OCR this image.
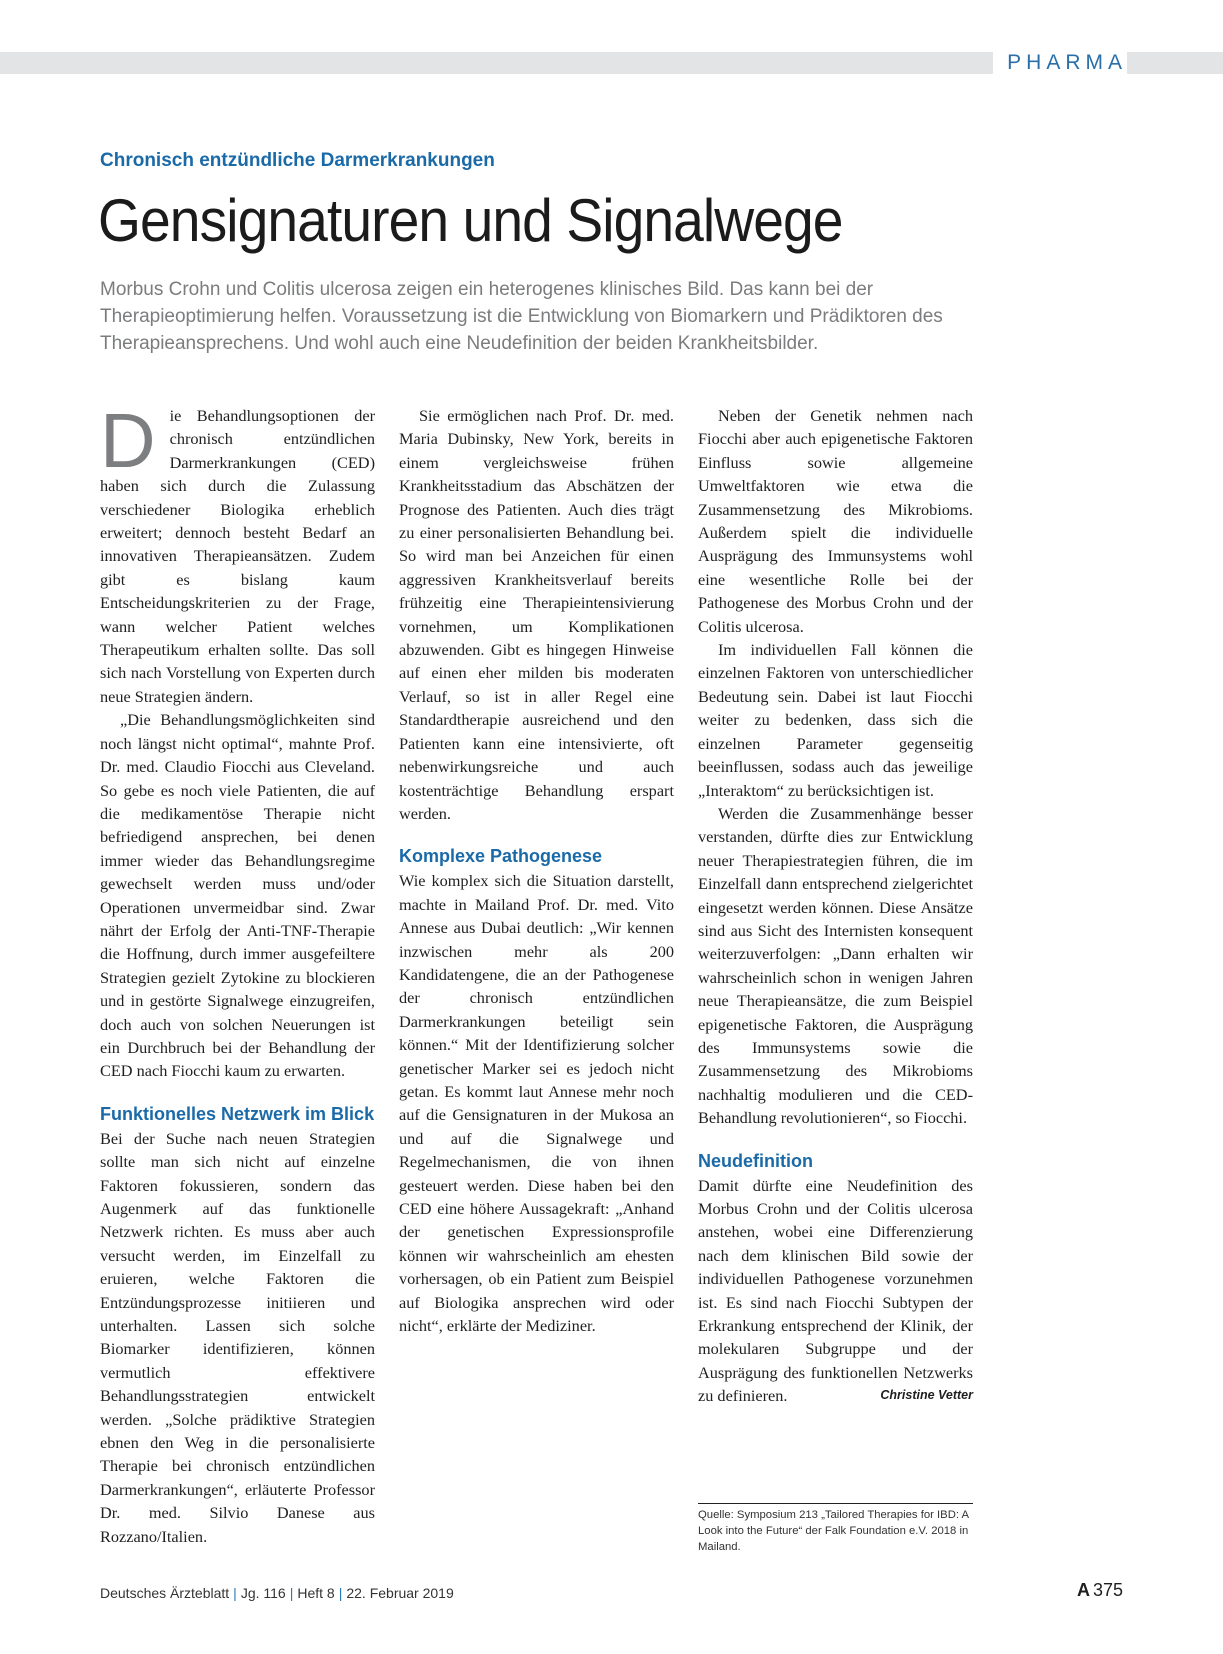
PHARMA
Chronisch entzündliche Darmerkrankungen
Gensignaturen und Signalwege

Morbus Crohn und Colitis ulcerosa zeigen ein heterogenes klinisches Bild. Das kann bei der Therapieoptimierung helfen. Voraussetzung ist die Entwicklung von Biomarkern und Prädiktoren des Therapieansprechens. Und wohl auch eine Neudefinition der beiden Krankheitsbilder.

D ie Behandlungsoptionen der chronisch entzündlichen Darmerkrankungen (CED) haben sich durch die Zulassung verschiedener Biologika erheblich erweitert; dennoch besteht Bedarf an innovativen Therapieansätzen. Zudem gibt es bislang kaum Entscheidungskriterien zu der Frage, wann welcher Patient welches Therapeutikum erhalten sollte. Das soll sich nach Vorstellung von Experten durch neue Strategien ändern.

„Die Behandlungsmöglichkeiten sind noch längst nicht optimal“, mahnte Prof. Dr. med. Claudio Fiocchi aus Cleveland. So gebe es noch viele Patienten, die auf die medikamentöse Therapie nicht befriedigend ansprechen, bei denen immer wieder das Behandlungsregime gewechselt werden muss und/oder Operationen unvermeidbar sind. Zwar nährt der Erfolg der Anti-TNF-Therapie die Hoffnung, durch immer ausgefeiltere Strategien gezielt Zytokine zu blockieren und in gestörte Signalwege einzugreifen, doch auch von solchen Neuerungen ist ein Durchbruch bei der Behandlung der CED nach Fiocchi kaum zu erwarten.

Funktionelles Netzwerk im Blick

Bei der Suche nach neuen Strategien sollte man sich nicht auf einzelne Faktoren fokussieren, sondern das Augenmerk auf das funktionelle Netzwerk richten. Es muss aber auch versucht werden, im Einzelfall zu eruieren, welche Faktoren die Entzündungsprozesse initiieren und unterhalten. Lassen sich solche Biomarker identifizieren, können vermutlich effektivere Behandlungsstrategien entwickelt werden. „Solche prädiktive Strategien ebnen den Weg in die personalisierte Therapie bei chronisch entzündlichen Darmerkrankungen“, erläuterte Professor Dr. med. Silvio Danese aus Rozzano/Italien.

Sie ermöglichen nach Prof. Dr. med. Maria Dubinsky, New York, bereits in einem vergleichsweise frühen Krankheitsstadium das Abschätzen der Prognose des Patienten. Auch dies trägt zu einer personalisierten Behandlung bei. So wird man bei Anzeichen für einen aggressiven Krankheitsverlauf bereits frühzeitig eine Therapieintensivierung vornehmen, um Komplikationen abzuwenden. Gibt es hingegen Hinweise auf einen eher milden bis moderaten Verlauf, so ist in aller Regel eine Standardtherapie ausreichend und den Patienten kann eine intensivierte, oft nebenwirkungsreiche und auch kostenträchtige Behandlung erspart werden.

Komplexe Pathogenese

Wie komplex sich die Situation darstellt, machte in Mailand Prof. Dr. med. Vito Annese aus Dubai deutlich: „Wir kennen inzwischen mehr als 200 Kandidatengene, die an der Pathogenese der chronisch entzündlichen Darmerkrankungen beteiligt sein können.“ Mit der Identifizierung solcher genetischer Marker sei es jedoch nicht getan. Es kommt laut Annese mehr noch auf die Gensignaturen in der Mukosa an und auf die Signalwege und Regelmechanismen, die von ihnen gesteuert werden. Diese haben bei den CED eine höhere Aussagekraft: „Anhand der genetischen Expressionsprofile können wir wahrscheinlich am ehesten vorhersagen, ob ein Patient zum Beispiel auf Biologika ansprechen wird oder nicht“, erklärte der Mediziner.

Neben der Genetik nehmen nach Fiocchi aber auch epigenetische Faktoren Einfluss sowie allgemeine Umweltfaktoren wie etwa die Zusammensetzung des Mikrobioms. Außerdem spielt die individuelle Ausprägung des Immunsystems wohl eine wesentliche Rolle bei der Pathogenese des Morbus Crohn und der Colitis ulcerosa.

Im individuellen Fall können die einzelnen Faktoren von unterschiedlicher Bedeutung sein. Dabei ist laut Fiocchi weiter zu bedenken, dass sich die einzelnen Parameter gegenseitig beeinflussen, sodass auch das jeweilige „Interaktom“ zu berücksichtigen ist.

Werden die Zusammenhänge besser verstanden, dürfte dies zur Entwicklung neuer Therapiestrategien führen, die im Einzelfall dann entsprechend zielgerichtet eingesetzt werden können. Diese Ansätze sind aus Sicht des Internisten konsequent weiterzuverfolgen: „Dann erhalten wir wahrscheinlich schon in wenigen Jahren neue Therapieansätze, die zum Beispiel epigenetische Faktoren, die Ausprägung des Immunsystems sowie die Zusammensetzung des Mikrobioms nachhaltig modulieren und die CED-Behandlung revolutionieren“, so Fiocchi.

Neudefinition

Damit dürfte eine Neudefinition des Morbus Crohn und der Colitis ulcerosa anstehen, wobei eine Differenzierung nach dem klinischen Bild sowie der individuellen Pathogenese vorzunehmen ist. Es sind nach Fiocchi Subtypen der Erkrankung entsprechend der Klinik, der molekularen Subgruppe und der Ausprägung des funktionellen Netzwerks zu definieren.	Christine Vetter

Quelle: Symposium 213 „Tailored Therapies for IBD: A Look into the Future“ der Falk Foundation e.V. 2018 in Mailand.
Deutsches Ärzteblatt | Jg. 116 | Heft 8 | 22. Februar 2019	A 375
